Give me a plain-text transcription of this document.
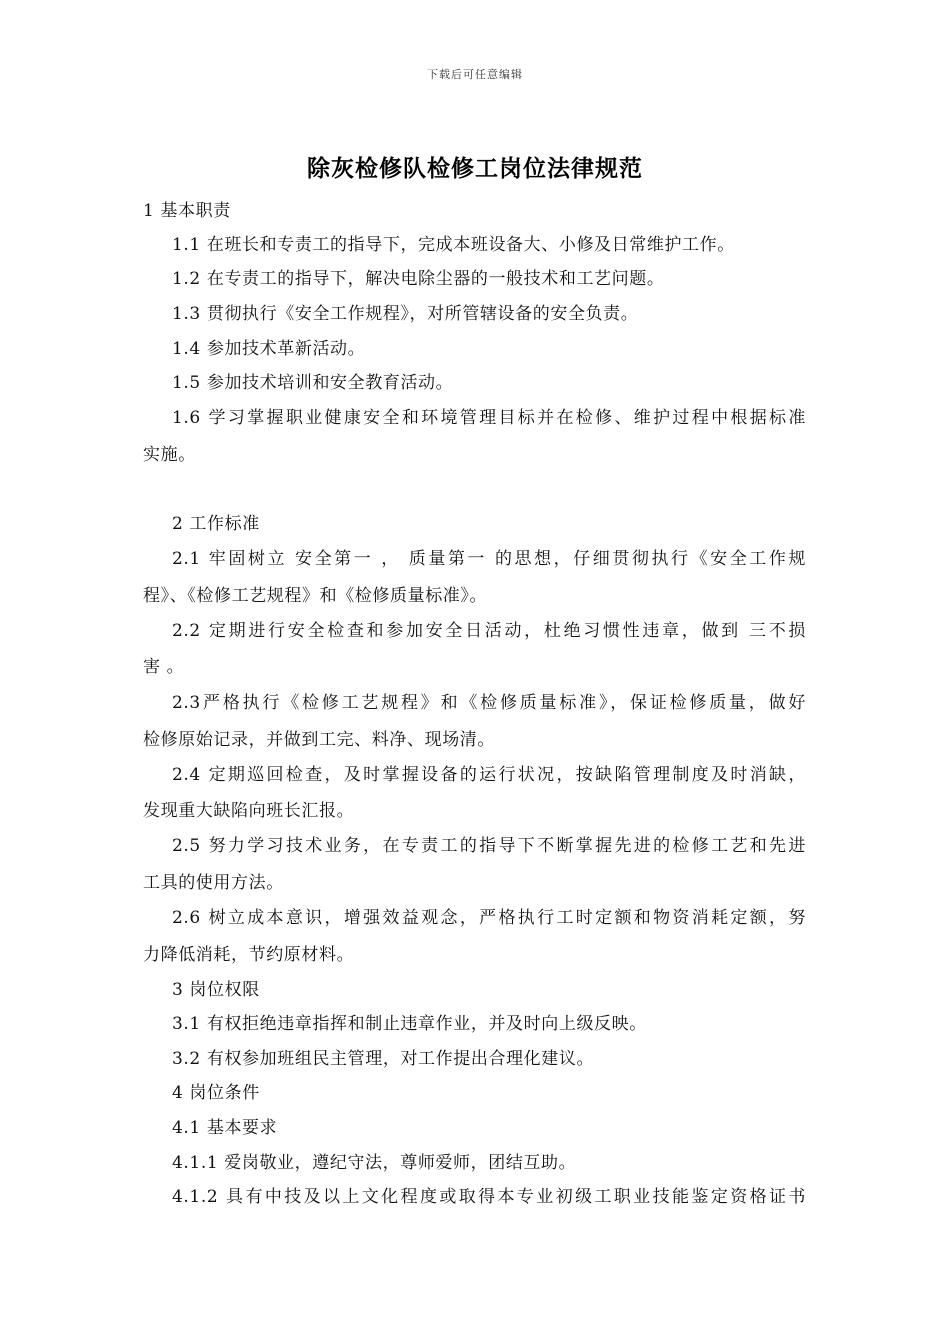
下载后可任意编辑
除灰检修队检修工岗位法律规范
1 基本职责
1.1 在班长和专责工的指导下，完成本班设备大、小修及日常维护工作。
1.2 在专责工的指导下，解决电除尘器的一般技术和工艺问题。
1.3 贯彻执行《安全工作规程》，对所管辖设备的安全负责。
1.4 参加技术革新活动。
1.5 参加技术培训和安全教育活动。
1.6 学习掌握职业健康安全和环境管理目标并在检修、维护过程中根据标准
实施。
2 工作标准
2.1 牢固树立 安全第一 ， 质量第一 的思想，仔细贯彻执行《安全工作规
程》、《检修工艺规程》和《检修质量标准》。
2.2 定期进行安全检查和参加安全日活动，杜绝习惯性违章，做到 三不损
害 。
2.3严格执行《检修工艺规程》和《检修质量标准》，保证检修质量，做好
检修原始记录，并做到工完、料净、现场清。
2.4 定期巡回检查，及时掌握设备的运行状况，按缺陷管理制度及时消缺，
发现重大缺陷向班长汇报。
2.5 努力学习技术业务，在专责工的指导下不断掌握先进的检修工艺和先进
工具的使用方法。
2.6 树立成本意识，增强效益观念，严格执行工时定额和物资消耗定额，努
力降低消耗，节约原材料。
3 岗位权限
3.1 有权拒绝违章指挥和制止违章作业，并及时向上级反映。
3.2 有权参加班组民主管理，对工作提出合理化建议。
4 岗位条件
4.1 基本要求
4.1.1 爱岗敬业，遵纪守法，尊师爱师，团结互助。
4.1.2 具有中技及以上文化程度或取得本专业初级工职业技能鉴定资格证书
